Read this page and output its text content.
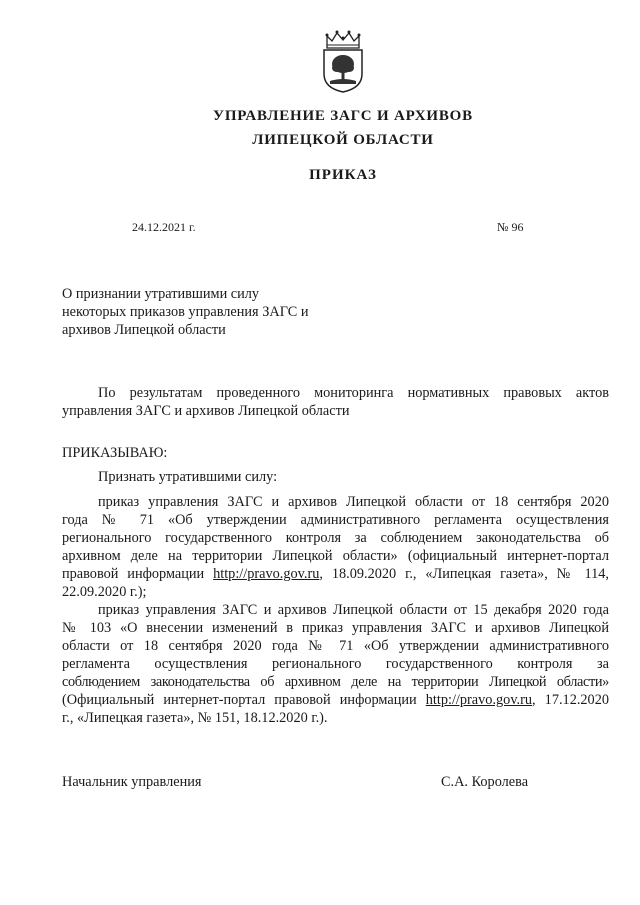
УПРАВЛЕНИЕ ЗАГС И АРХИВОВ
ЛИПЕЦКОЙ ОБЛАСТИ
ПРИКАЗ
24.12.2021 г.	№ 96
О признании утратившими силу
некоторых приказов управления ЗАГС и
архивов Липецкой области
По результатам проведенного мониторинга нормативных правовых актов
управления ЗАГС и архивов Липецкой области
ПРИКАЗЫВАЮ:
Признать утратившими силу:
приказ управления ЗАГС и архивов Липецкой области от 18 сентября 2020
года № 71 «Об утверждении административного регламента осуществления
регионального государственного контроля за соблюдением законодательства об
архивном деле на территории Липецкой области» (официальный интернет-портал
правовой информации http://pravo.gov.ru, 18.09.2020 г., «Липецкая газета», № 114,
22.09.2020 г.);
приказ управления ЗАГС и архивов Липецкой области от 15 декабря 2020 года
№ 103 «О внесении изменений в приказ управления ЗАГС и архивов Липецкой
области от 18 сентября 2020 года № 71 «Об утверждении административного
регламента осуществления регионального государственного контроля за
соблюдением законодательства об архивном деле на территории Липецкой области»
(Официальный интернет-портал правовой информации http://pravo.gov.ru, 17.12.2020
г., «Липецкая газета», № 151, 18.12.2020 г.).
Начальник управления	С.А. Королева
